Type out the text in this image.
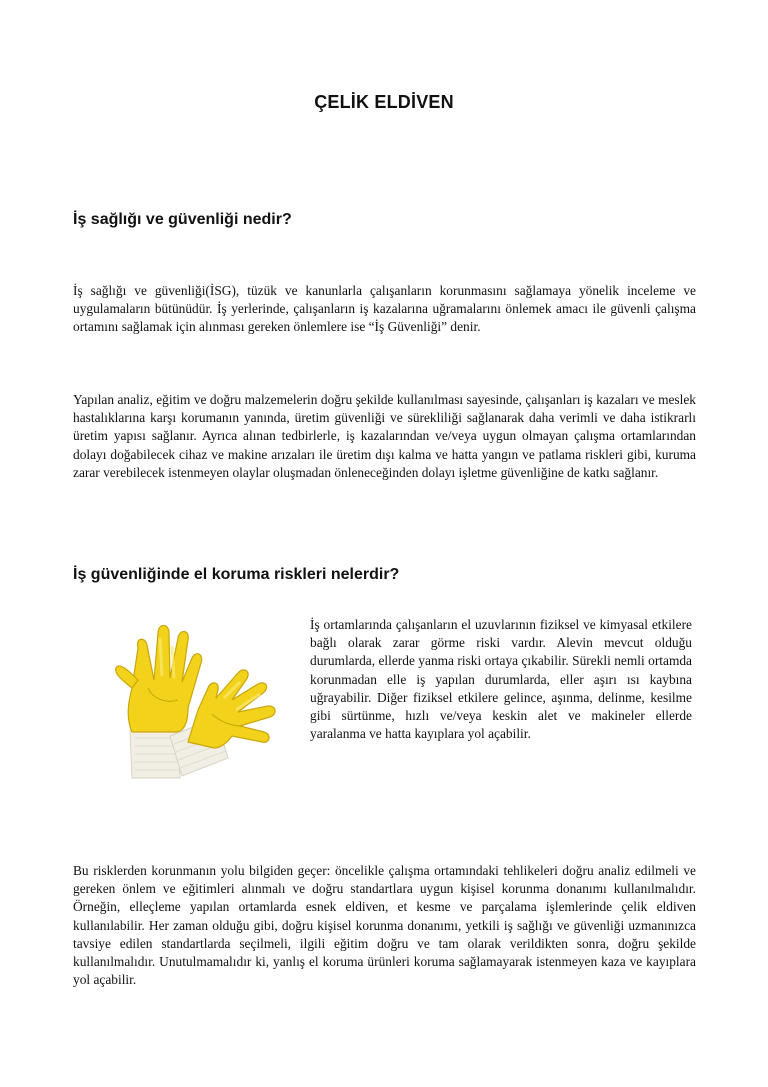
ÇELİK ELDİVEN
İş sağlığı ve güvenliği nedir?

İş sağlığı ve güvenliği(İSG), tüzük ve kanunlarla çalışanların korunmasını sağlamaya yönelik inceleme ve uygulamaların bütünüdür. İş yerlerinde, çalışanların iş kazalarına uğramalarını önlemek amacı ile güvenli çalışma ortamını sağlamak için alınması gereken önlemlere ise “İş Güvenliği” denir.

Yapılan analiz, eğitim ve doğru malzemelerin doğru şekilde kullanılması sayesinde, çalışanları iş kazaları ve meslek hastalıklarına karşı korumanın yanında, üretim güvenliği ve sürekliliği sağlanarak daha verimli ve daha istikrarlı üretim yapısı sağlanır. Ayrıca alınan tedbirlerle, iş kazalarından ve/veya uygun olmayan çalışma ortamlarından dolayı doğabilecek cihaz ve makine arızaları ile üretim dışı kalma ve hatta yangın ve patlama riskleri gibi, kuruma zarar verebilecek istenmeyen olaylar oluşmadan önleneceğinden dolayı işletme güvenliğine de katkı sağlanır.

İş güvenliğinde el koruma riskleri nelerdir?

İş ortamlarında çalışanların el uzuvlarının fiziksel ve kimyasal etkilere bağlı olarak zarar görme riski vardır. Alevin mevcut olduğu durumlarda, ellerde yanma riski ortaya çıkabilir. Sürekli nemli ortamda korunmadan elle iş yapılan durumlarda, eller aşırı ısı kaybına uğrayabilir. Diğer fiziksel etkilere gelince, aşınma, delinme, kesilme gibi sürtünme, hızlı ve/veya keskin alet ve makineler ellerde yaralanma ve hatta kayıplara yol açabilir.

Bu risklerden korunmanın yolu bilgiden geçer: öncelikle çalışma ortamındaki tehlikeleri doğru analiz edilmeli ve gereken önlem ve eğitimleri alınmalı ve doğru standartlara uygun kişisel korunma donanımı kullanılmalıdır. Örneğin, elleçleme yapılan ortamlarda esnek eldiven, et kesme ve parçalama işlemlerinde çelik eldiven kullanılabilir. Her zaman olduğu gibi, doğru kişisel korunma donanımı, yetkili iş sağlığı ve güvenliği uzmanınızca tavsiye edilen standartlarda seçilmeli, ilgili eğitim doğru ve tam olarak verildikten sonra, doğru şekilde kullanılmalıdır. Unutulmamalıdır ki, yanlış el koruma ürünleri koruma sağlamayarak istenmeyen kaza ve kayıplara yol açabilir.
